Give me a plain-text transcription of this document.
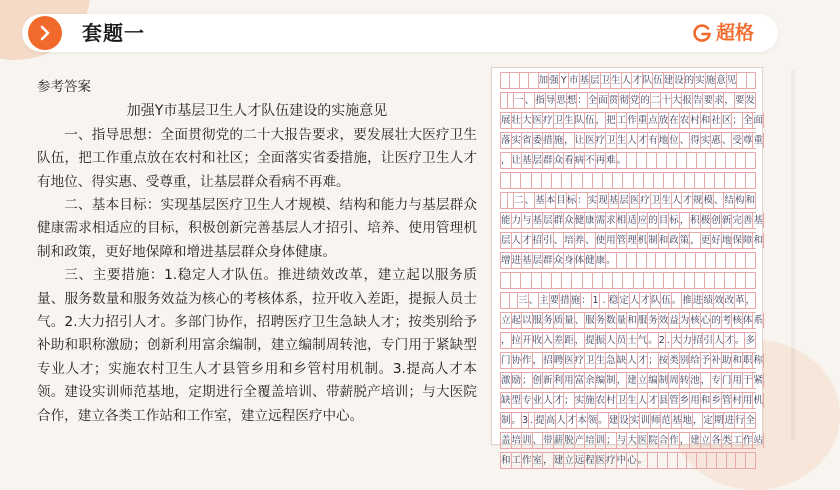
套题一	超格
参考答案
加强Y市基层卫生人才队伍建设的实施意见
一、指导思想：全面贯彻党的二十大报告要求，要发展壮大医疗卫生队伍，把工作重点放在农村和社区；全面落实省委措施，让医疗卫生人才有地位、得实惠、受尊重，让基层群众看病不再难。
二、基本目标：实现基层医疗卫生人才规模、结构和能力与基层群众健康需求相适应的目标，积极创新完善基层人才招引、培养、使用管理机制和政策，更好地保障和增进基层群众身体健康。
三、主要措施：1.稳定人才队伍。推进绩效改革，建立起以服务质量、服务数量和服务效益为核心的考核体系，拉开收入差距，提振人员士气。2.大力招引人才。多部门协作，招聘医疗卫生急缺人才；按类别给予补助和职称激励；创新利用富余编制，建立编制周转池，专门用于紧缺型专业人才；实施农村卫生人才县管乡用和乡管村用机制。3.提高人才本领。建设实训师范基地，定期进行全覆盖培训、带薪脱产培训；与大医院合作，建立各类工作站和工作室，建立远程医疗中心。
加 强 Y 市 基 层 卫 生 人 才 队 伍 建 设 的 实 施 意 见
一 、 指 导 思 想 ： 全 面 贯 彻 党 的 二 十 大 报 告 要 求 ， 要 发
展 壮 大 医 疗 卫 生 队 伍 ， 把 工 作 重 点 放 在 农 村 和 社 区 ； 全 面
落 实 省 委 措 施 ， 让 医 疗 卫 生 人 才 有 地 位 、 得 实 惠 、 受 尊 重
， 让 基 层 群 众 看 病 不 再 难 。
二 、 基 本 目 标 ： 实 现 基 层 医 疗 卫 生 人 才 规 模 、 结 构 和
能 力 与 基 层 群 众 健 康 需 求 相 适 应 的 目 标 ， 积 极 创 新 完 善 基
层 人 才 招 引 、 培 养 、 使 用 管 理 机 制 和 政 策 ， 更 好 地 保 障 和
增 进 基 层 群 众 身 体 健 康 。
三 、 主 要 措 施 ： 1 . 稳 定 人 才 队 伍 。 推 进 绩 效 改 革 ，
立 起 以 服 务 质 量 、 服 务 数 量 和 服 务 效 益 为 核 心 的 考 核 体 系
， 拉 开 收 入 差 距 ， 提 振 人 员 士 气 。 2 . 大 力 招 引 人 才 。 多
门 协 作 ， 招 聘 医 疗 卫 生 急 缺 人 才 ； 按 类 别 给 予 补 助 和 职 称
激 励 ； 创 新 利 用 富 余 编 制 ， 建 立 编 制 周 转 池 ， 专 门 用 于 紧
缺 型 专 业 人 才 ； 实 施 农 村 卫 生 人 才 县 管 乡 用 和 乡 管 村 用 机
制 。 3 . 提 高 人 才 本 领 。 建 设 实 训 师 范 基 地 ， 定 期 进 行 全
盖 培 训 、 带 薪 脱 产 培 训 ； 与 大 医 院 合 作 ， 建 立 各 类 工 作 站
和 工 作 室 ， 建 立 远 程 医 疗 中 心 。
